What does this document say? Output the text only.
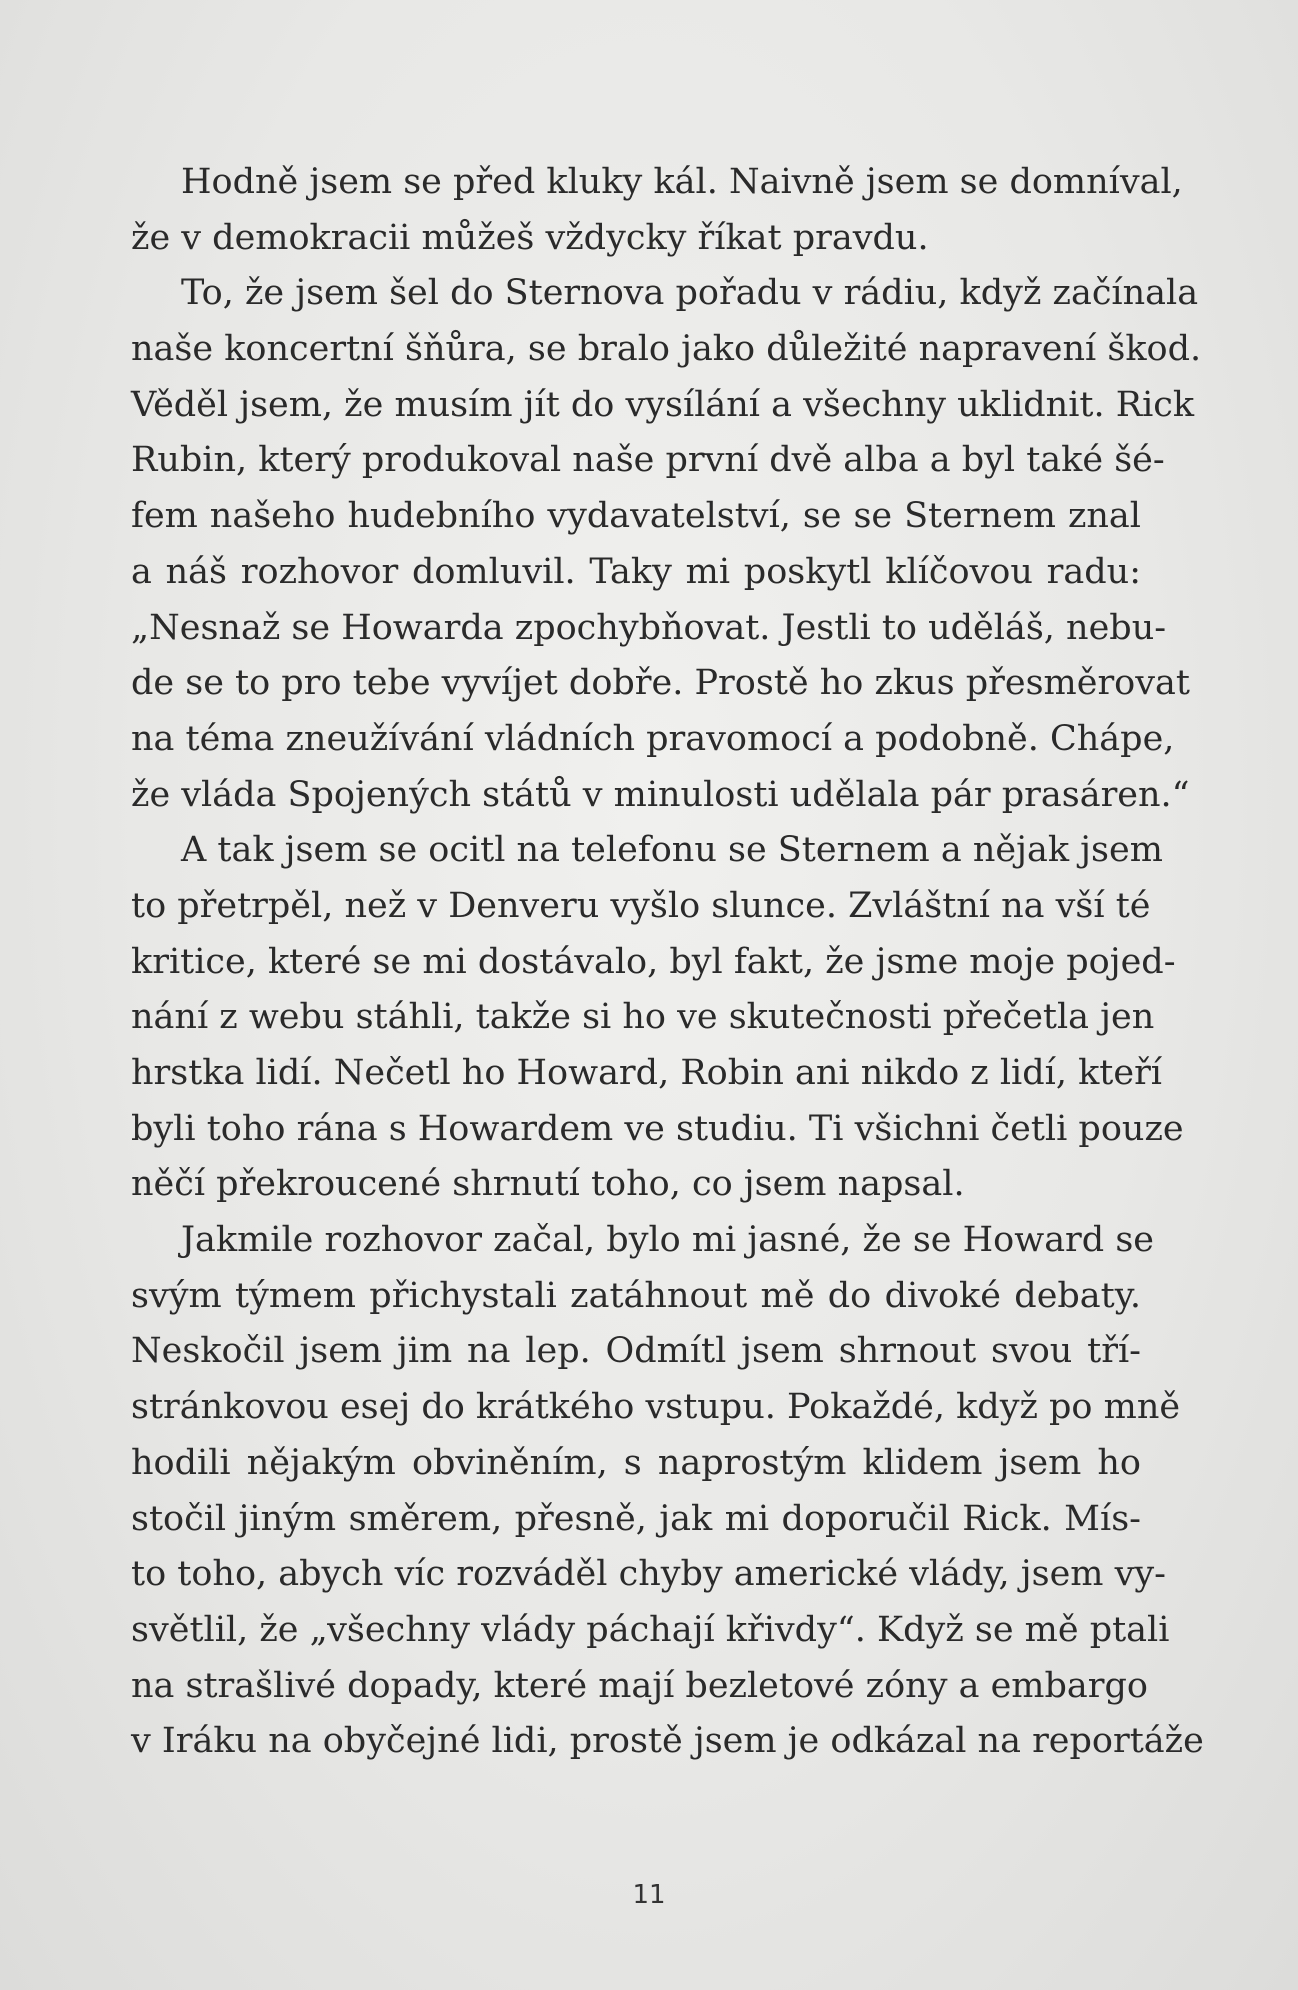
Hodně jsem se před kluky kál. Naivně jsem se domníval,
že v demokracii můžeš vždycky říkat pravdu.
To, že jsem šel do Sternova pořadu v rádiu, když začínala
naše koncertní šňůra, se bralo jako důležité napravení škod.
Věděl jsem, že musím jít do vysílání a všechny uklidnit. Rick
Rubin, který produkoval naše první dvě alba a byl také šé-
fem našeho hudebního vydavatelství, se se Sternem znal
a náš rozhovor domluvil. Taky mi poskytl klíčovou radu:
„Nesnaž se Howarda zpochybňovat. Jestli to uděláš, nebu-
de se to pro tebe vyvíjet dobře. Prostě ho zkus přesměrovat
na téma zneužívání vládních pravomocí a podobně. Chápe,
že vláda Spojených států v minulosti udělala pár prasáren.“
A tak jsem se ocitl na telefonu se Sternem a nějak jsem
to přetrpěl, než v Denveru vyšlo slunce. Zvláštní na vší té
kritice, které se mi dostávalo, byl fakt, že jsme moje pojed-
nání z webu stáhli, takže si ho ve skutečnosti přečetla jen
hrstka lidí. Nečetl ho Howard, Robin ani nikdo z lidí, kteří
byli toho rána s Howardem ve studiu. Ti všichni četli pouze
něčí překroucené shrnutí toho, co jsem napsal.
Jakmile rozhovor začal, bylo mi jasné, že se Howard se
svým týmem přichystali zatáhnout mě do divoké debaty.
Neskočil jsem jim na lep. Odmítl jsem shrnout svou tří-
stránkovou esej do krátkého vstupu. Pokaždé, když po mně
hodili nějakým obviněním, s naprostým klidem jsem ho
stočil jiným směrem, přesně, jak mi doporučil Rick. Mís-
to toho, abych víc rozváděl chyby americké vlády, jsem vy-
světlil, že „všechny vlády páchají křivdy“. Když se mě ptali
na strašlivé dopady, které mají bezletové zóny a embargo
v Iráku na obyčejné lidi, prostě jsem je odkázal na reportáže
11
